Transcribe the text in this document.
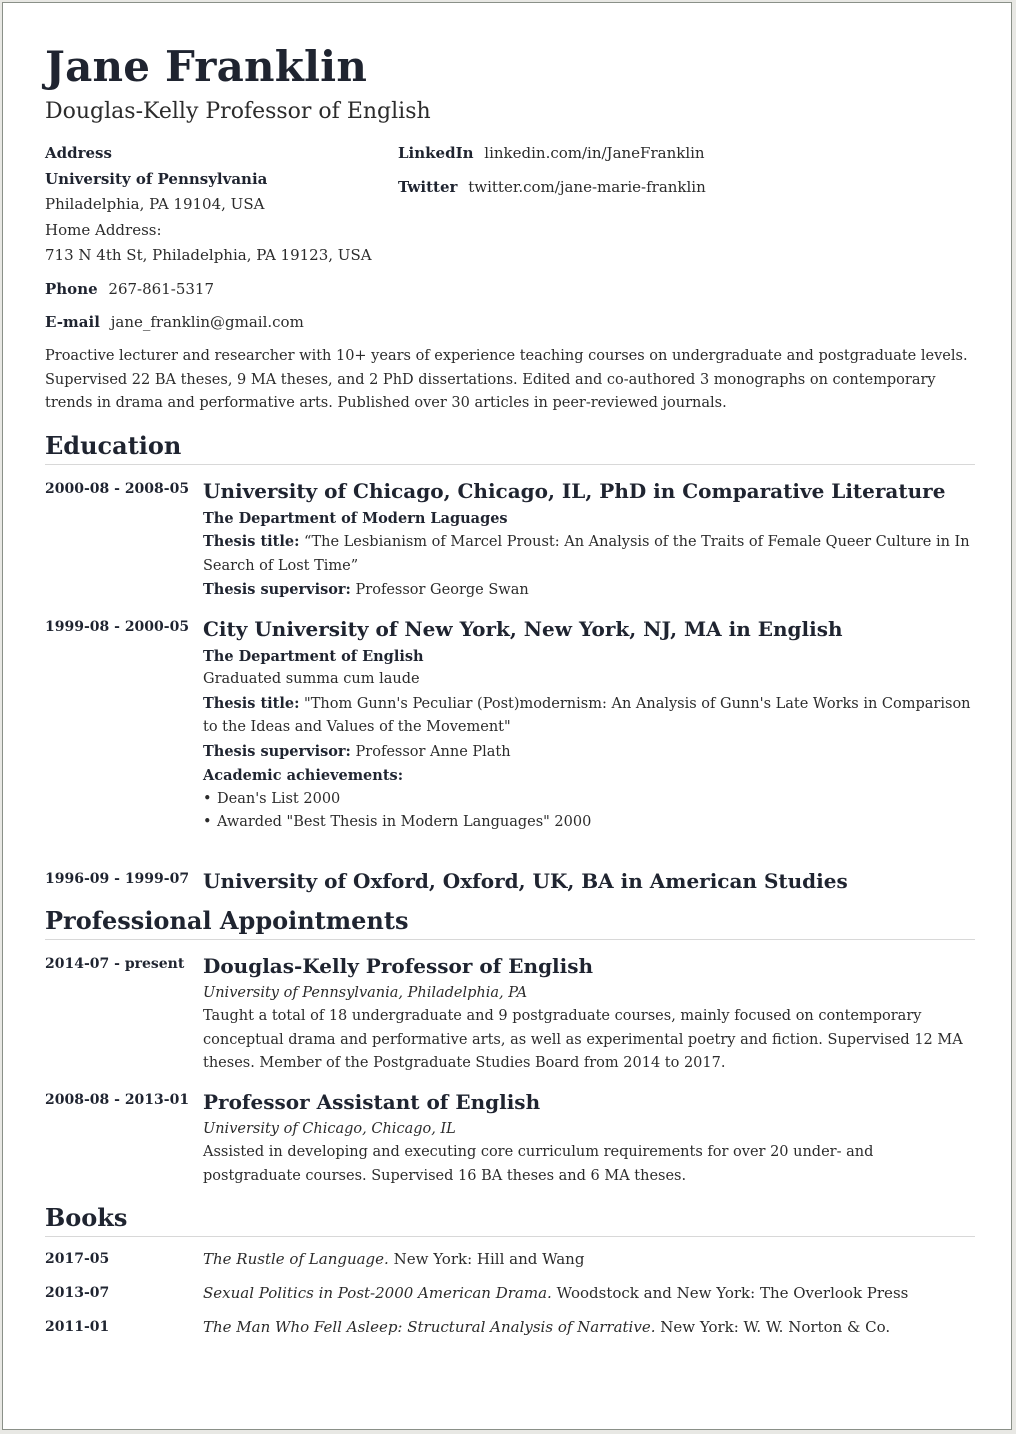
Jane Franklin
Douglas-Kelly Professor of English
Address
University of Pennsylvania
Philadelphia, PA 19104, USA
Home Address:
713 N 4th St, Philadelphia, PA 19123, USA
Phone 267-861-5317
E-mail jane_franklin@gmail.com
LinkedIn linkedin.com/in/JaneFranklin
Twitter twitter.com/jane-marie-franklin
Proactive lecturer and researcher with 10+ years of experience teaching courses on undergraduate and postgraduate levels. Supervised 22 BA theses, 9 MA theses, and 2 PhD dissertations. Edited and co-authored 3 monographs on contemporary trends in drama and performative arts. Published over 30 articles in peer-reviewed journals.
Education
2000-08 - 2008-05 University of Chicago, Chicago, IL, PhD in Comparative Literature
The Department of Modern Laguages
Thesis title: “The Lesbianism of Marcel Proust: An Analysis of the Traits of Female Queer Culture in In Search of Lost Time”
Thesis supervisor: Professor George Swan
1999-08 - 2000-05 City University of New York, New York, NJ, MA in English
The Department of English
Graduated summa cum laude
Thesis title: "Thom Gunn's Peculiar (Post)modernism: An Analysis of Gunn's Late Works in Comparison to the Ideas and Values of the Movement"
Thesis supervisor: Professor Anne Plath
Academic achievements:
• Dean's List 2000
• Awarded "Best Thesis in Modern Languages" 2000
1996-09 - 1999-07 University of Oxford, Oxford, UK, BA in American Studies
Professional Appointments
2014-07 - present Douglas-Kelly Professor of English
University of Pennsylvania, Philadelphia, PA
Taught a total of 18 undergraduate and 9 postgraduate courses, mainly focused on contemporary conceptual drama and performative arts, as well as experimental poetry and fiction. Supervised 12 MA theses. Member of the Postgraduate Studies Board from 2014 to 2017.
2008-08 - 2013-01 Professor Assistant of English
University of Chicago, Chicago, IL
Assisted in developing and executing core curriculum requirements for over 20 under- and postgraduate courses. Supervised 16 BA theses and 6 MA theses.
Books
2017-05	The Rustle of Language. New York: Hill and Wang
2013-07	Sexual Politics in Post-2000 American Drama. Woodstock and New York: The Overlook Press
2011-01	The Man Who Fell Asleep: Structural Analysis of Narrative. New York: W. W. Norton & Co.
